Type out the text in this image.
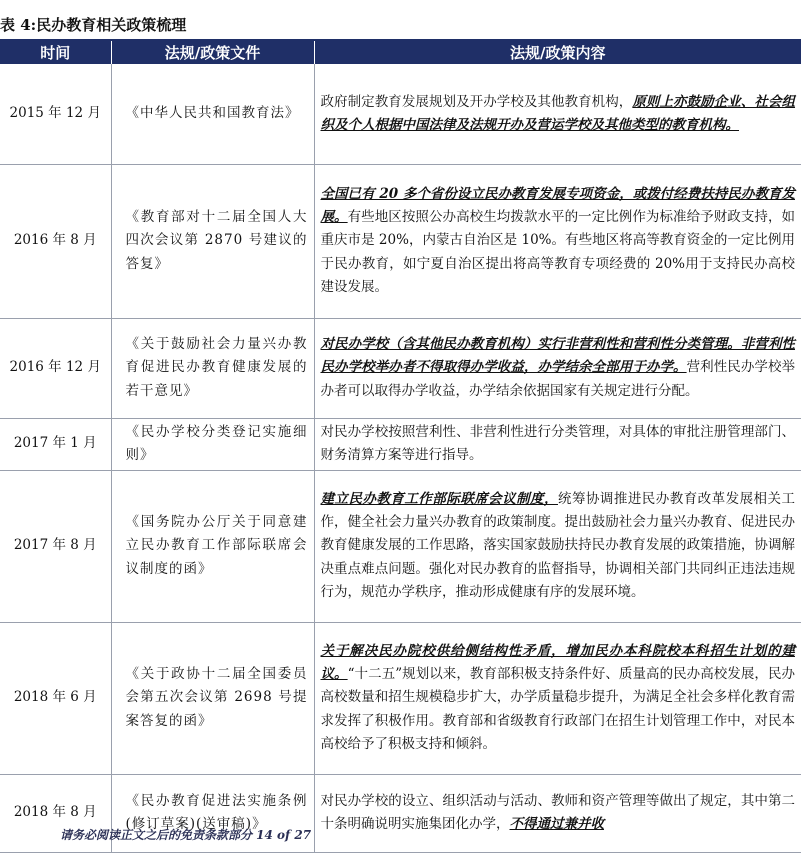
表 4:民办教育相关政策梳理
时间	法规/政策文件	法规/政策内容
2015 年 12 月	《中华人民共和国教育法》	政府制定教育发展规划及开办学校及其他教育机构，原则上亦鼓励企业、社会组织及个人根据中国法律及法规开办及营运学校及其他类型的教育机构。
2016 年 8 月	《教育部对十二届全国人大四次会议第 2870 号建议的答复》	全国已有 20 多个省份设立民办教育发展专项资金，或拨付经费扶持民办教育发展。有些地区按照公办高校生均拨款水平的一定比例作为标准给予财政支持，如重庆市是 20%，内蒙古自治区是 10%。有些地区将高等教育资金的一定比例用于民办教育，如宁夏自治区提出将高等教育专项经费的 20%用于支持民办高校建设发展。
2016 年 12 月	《关于鼓励社会力量兴办教育促进民办教育健康发展的若干意见》	对民办学校（含其他民办教育机构）实行非营利性和营利性分类管理。非营利性民办学校举办者不得取得办学收益，办学结余全部用于办学。营利性民办学校举办者可以取得办学收益，办学结余依据国家有关规定进行分配。
2017 年 1 月	《民办学校分类登记实施细则》	对民办学校按照营利性、非营利性进行分类管理，对具体的审批注册管理部门、财务清算方案等进行指导。
2017 年 8 月	《国务院办公厅关于同意建立民办教育工作部际联席会议制度的函》	建立民办教育工作部际联席会议制度，统筹协调推进民办教育改革发展相关工作，健全社会力量兴办教育的政策制度。提出鼓励社会力量兴办教育、促进民办教育健康发展的工作思路，落实国家鼓励扶持民办教育发展的政策措施，协调解决重点难点问题。强化对民办教育的监督指导，协调相关部门共同纠正违法违规行为，规范办学秩序，推动形成健康有序的发展环境。
2018 年 6 月	《关于政协十二届全国委员会第五次会议第 2698 号提案答复的函》	关于解决民办院校供给侧结构性矛盾，增加民办本科院校本科招生计划的建议。“十二五”规划以来，教育部积极支持条件好、质量高的民办高校发展，民办高校数量和招生规模稳步扩大，办学质量稳步提升，为满足全社会多样化教育需求发挥了积极作用。教育部和省级教育行政部门在招生计划管理工作中，对民本高校给予了积极支持和倾斜。
2018 年 8 月	《民办教育促进法实施条例(修订草案)(送审稿)》	对民办学校的设立、组织活动与活动、教师和资产管理等做出了规定，其中第二十条明确说明实施集团化办学，不得通过兼并收
请务必阅读正文之后的免责条款部分 14 of 27
